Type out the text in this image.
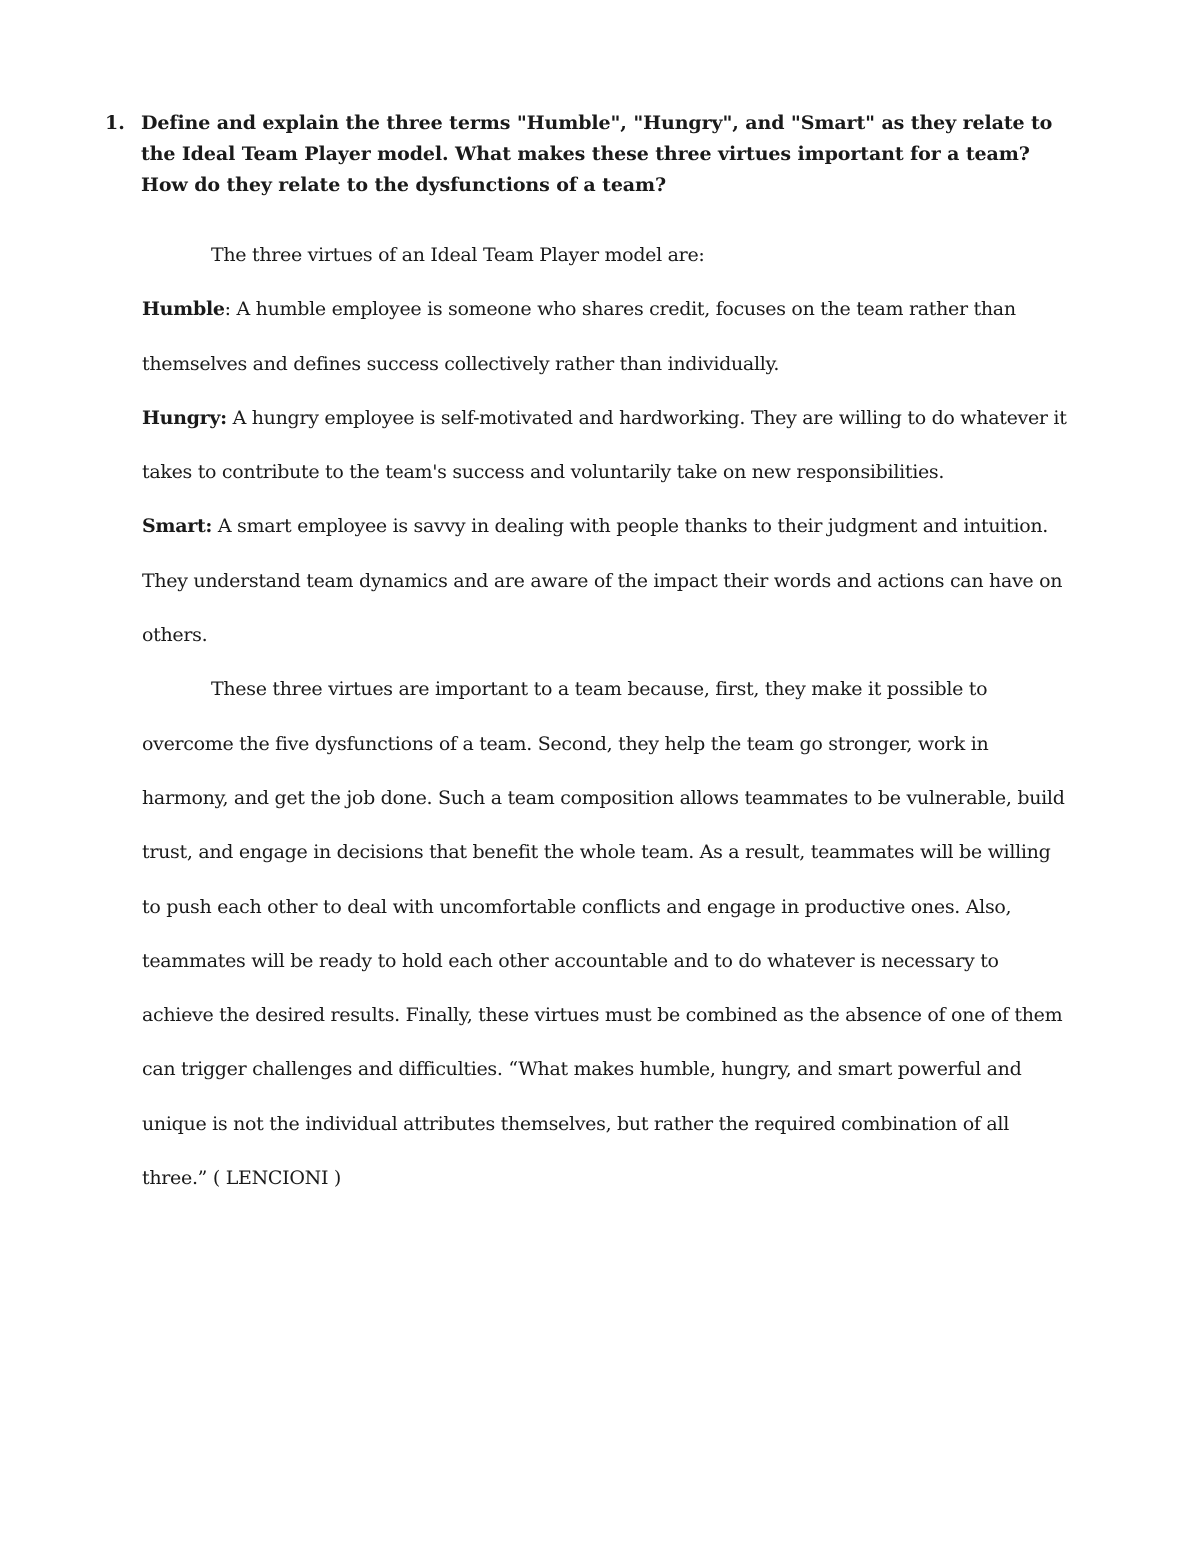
1. Define and explain the three terms "Humble", "Hungry", and "Smart" as they relate to the Ideal Team Player model. What makes these three virtues important for a team? How do they relate to the dysfunctions of a team?

The three virtues of an Ideal Team Player model are:

Humble: A humble employee is someone who shares credit, focuses on the team rather than themselves and defines success collectively rather than individually.

Hungry: A hungry employee is self-motivated and hardworking. They are willing to do whatever it takes to contribute to the team's success and voluntarily take on new responsibilities.

Smart: A smart employee is savvy in dealing with people thanks to their judgment and intuition. They understand team dynamics and are aware of the impact their words and actions can have on others.

These three virtues are important to a team because, first, they make it possible to overcome the five dysfunctions of a team. Second, they help the team go stronger, work in harmony, and get the job done. Such a team composition allows teammates to be vulnerable, build trust, and engage in decisions that benefit the whole team. As a result, teammates will be willing to push each other to deal with uncomfortable conflicts and engage in productive ones. Also, teammates will be ready to hold each other accountable and to do whatever is necessary to achieve the desired results. Finally, these virtues must be combined as the absence of one of them can trigger challenges and difficulties. “What makes humble, hungry, and smart powerful and unique is not the individual attributes themselves, but rather the required combination of all three.” ( LENCIONI )
